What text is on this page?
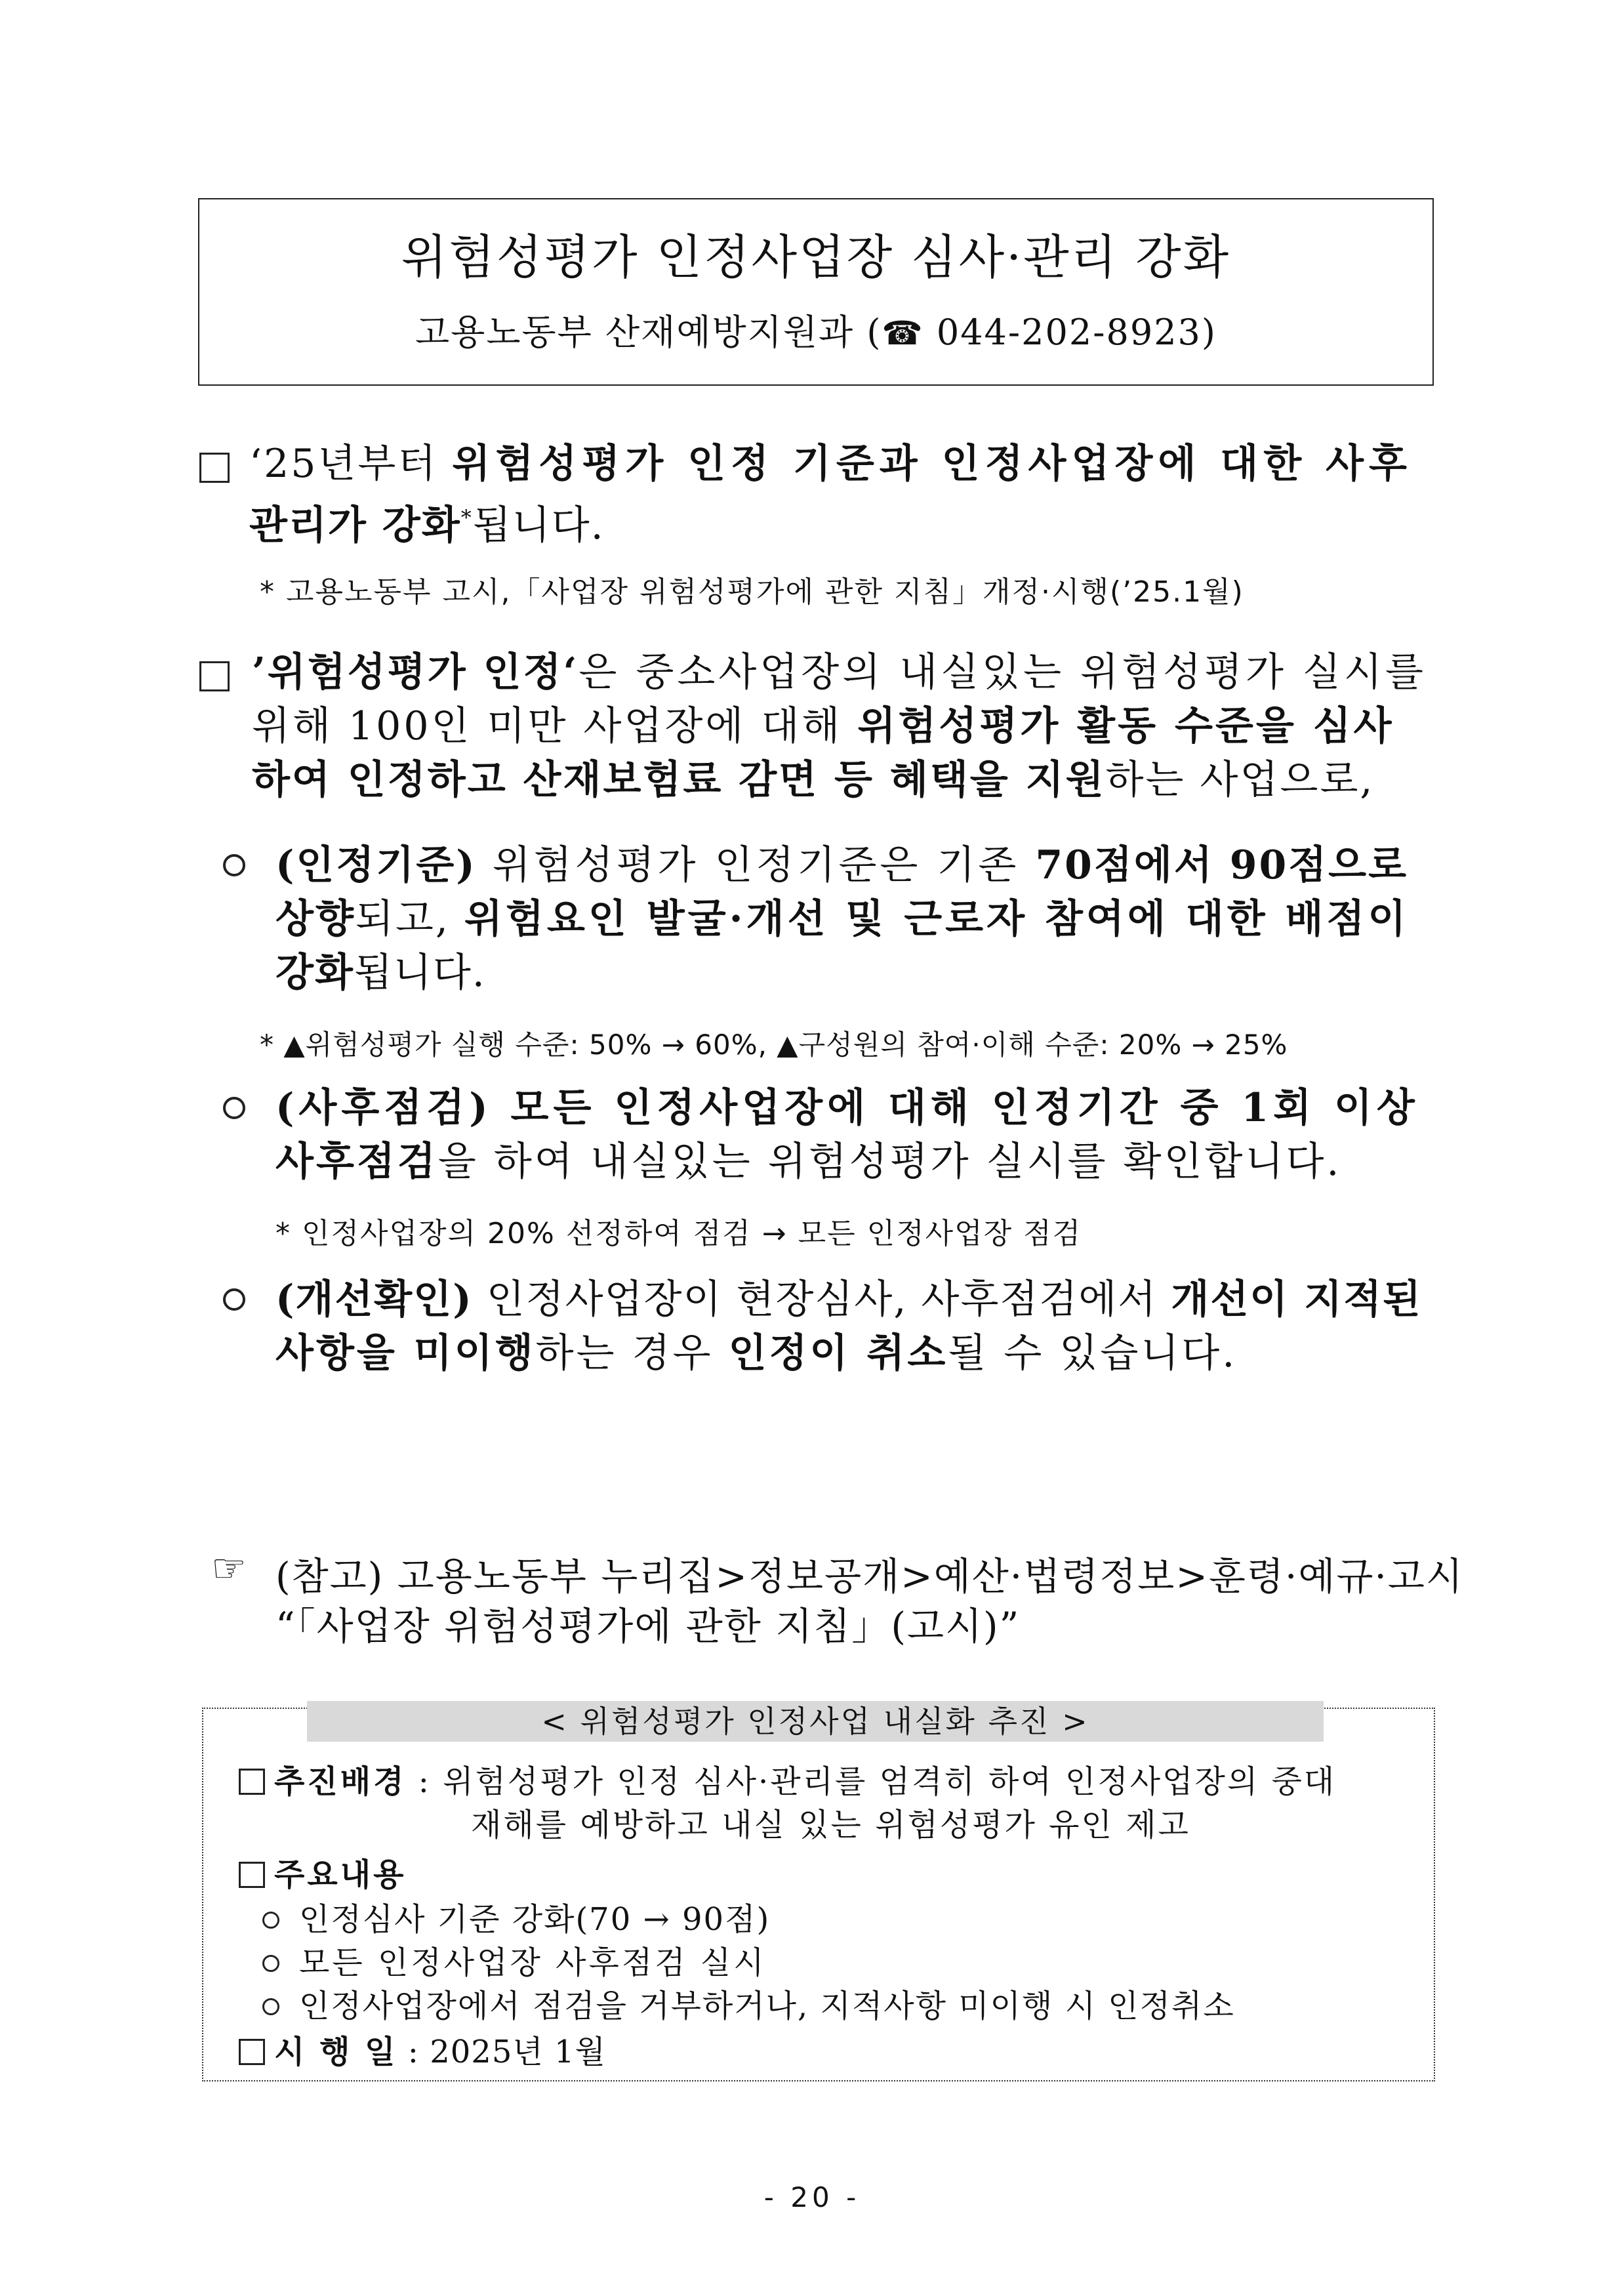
위험성평가 인정사업장 심사·관리 강화
고용노동부 산재예방지원과 (☎ 044-202-8923)
‘25년부터 위험성평가 인정 기준과 인정사업장에 대한 사후
관리가 강화*됩니다.
* 고용노동부 고시,「사업장 위험성평가에 관한 지침」개정·시행(’25.1월)
’위험성평가 인정‘은 중소사업장의 내실있는 위험성평가 실시를
위해 100인 미만 사업장에 대해 위험성평가 활동 수준을 심사
하여 인정하고 산재보험료 감면 등 혜택을 지원하는 사업으로,
(인정기준) 위험성평가 인정기준은 기존 70점에서 90점으로
상향되고, 위험요인 발굴·개선 및 근로자 참여에 대한 배점이
강화됩니다.
* ▲위험성평가 실행 수준: 50% → 60%, ▲구성원의 참여·이해 수준: 20% → 25%
(사후점검) 모든 인정사업장에 대해 인정기간 중 1회 이상
사후점검을 하여 내실있는 위험성평가 실시를 확인합니다.
* 인정사업장의 20% 선정하여 점검 → 모든 인정사업장 점검
(개선확인) 인정사업장이 현장심사, 사후점검에서 개선이 지적된
사항을 미이행하는 경우 인정이 취소될 수 있습니다.
☞ (참고) 고용노동부 누리집>정보공개>예산·법령정보>훈령·예규·고시
“「사업장 위험성평가에 관한 지침」(고시)”
< 위험성평가 인정사업 내실화 추진 >
추진배경 : 위험성평가 인정 심사·관리를 엄격히 하여 인정사업장의 중대
재해를 예방하고 내실 있는 위험성평가 유인 제고
주요내용
인정심사 기준 강화(70 → 90점)
모든 인정사업장 사후점검 실시
인정사업장에서 점검을 거부하거나, 지적사항 미이행 시 인정취소
시 행 일 : 2025년 1월
- 20 -
